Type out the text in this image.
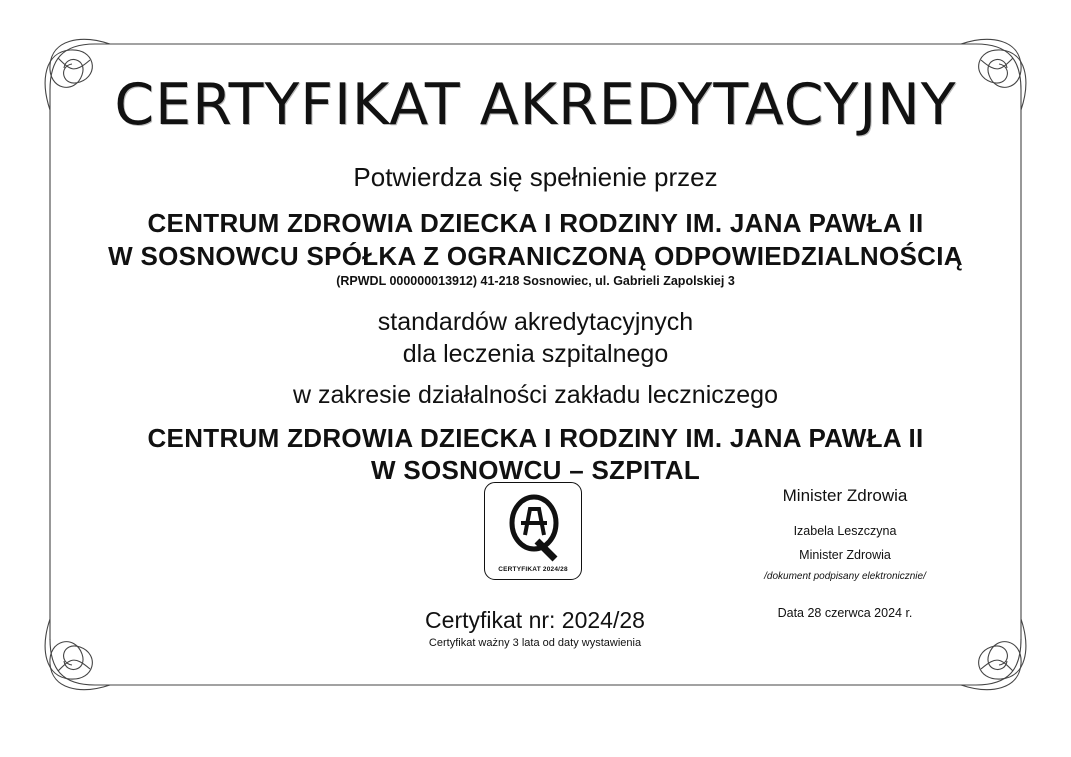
CERTYFIKAT AKREDYTACYJNY
Potwierdza się spełnienie przez
CENTRUM ZDROWIA DZIECKA I RODZINY IM. JANA PAWŁA II
W SOSNOWCU SPÓŁKA Z OGRANICZONĄ ODPOWIEDZIALNOŚCIĄ
(RPWDL 000000013912) 41-218 Sosnowiec, ul. Gabrieli Zapolskiej 3
standardów akredytacyjnych
dla leczenia szpitalnego
w zakresie działalności zakładu leczniczego
CENTRUM ZDROWIA DZIECKA I RODZINY IM. JANA PAWŁA II
W SOSNOWCU – SZPITAL
CERTYFIKAT 2024/28
Certyfikat nr: 2024/28
Certyfikat ważny 3 lata od daty wystawienia
Minister Zdrowia
Izabela Leszczyna
Minister Zdrowia
/dokument podpisany elektronicznie/
Data 28 czerwca 2024 r.
